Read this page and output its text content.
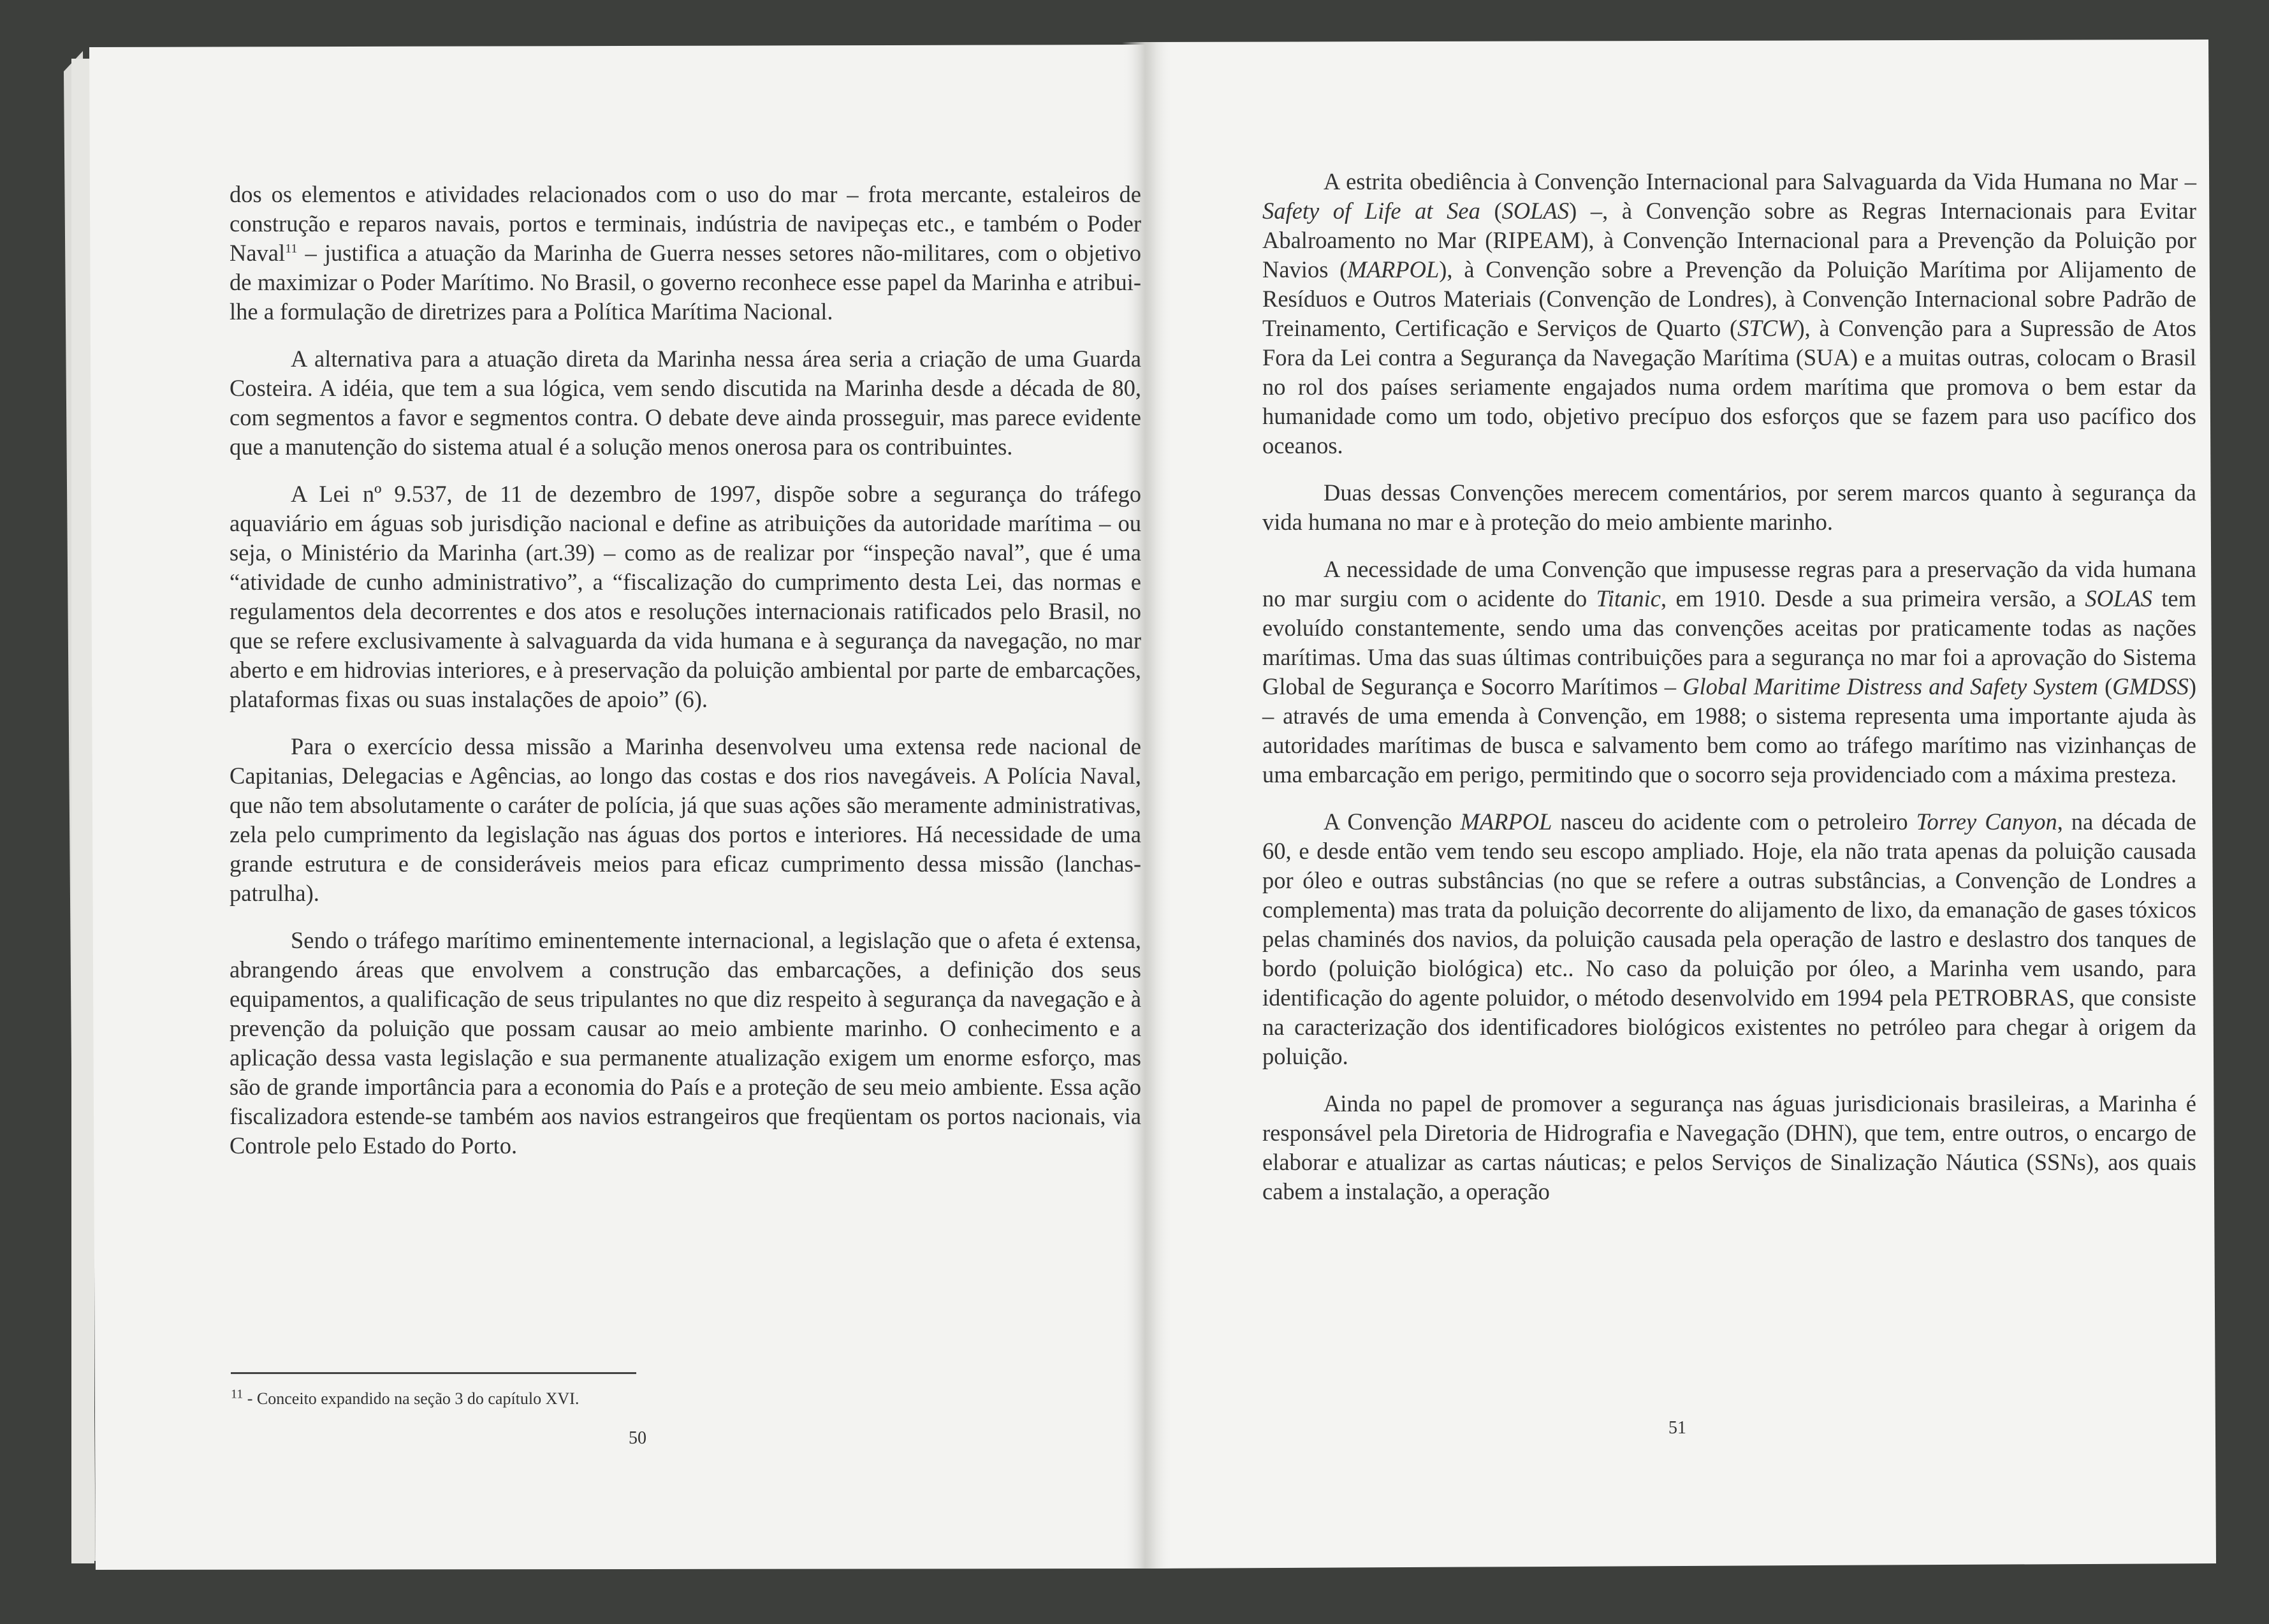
dos os elementos e atividades relacionados com o uso do mar – frota mercante, estaleiros de construção e reparos navais, portos e terminais, indústria de navipeças etc., e também o Poder Naval$^{11}$ – justifica a atuação da Marinha de Guerra nesses setores não-militares, com o objetivo de maximizar o Poder Marítimo. No Brasil, o governo reconhece esse papel da Marinha e atribui-lhe a formulação de diretrizes para a Política Marítima Nacional.

A alternativa para a atuação direta da Marinha nessa área seria a criação de uma Guarda Costeira. A idéia, que tem a sua lógica, vem sendo discutida na Marinha desde a década de 80, com segmentos a favor e segmentos contra. O debate deve ainda prosseguir, mas parece evidente que a manutenção do sistema atual é a solução menos onerosa para os contribuintes.

A Lei nº 9.537, de 11 de dezembro de 1997, dispõe sobre a segurança do tráfego aquaviário em águas sob jurisdição nacional e define as atribuições da autoridade marítima – ou seja, o Ministério da Marinha (art.39) – como as de realizar por “inspeção naval”, que é uma “atividade de cunho administrativo”, a “fiscalização do cumprimento desta Lei, das normas e regulamentos dela decorrentes e dos atos e resoluções internacionais ratificados pelo Brasil, no que se refere exclusivamente à salvaguarda da vida humana e à segurança da navegação, no mar aberto e em hidrovias interiores, e à preservação da poluição ambiental por parte de embarcações, plataformas fixas ou suas instalações de apoio” (6).

Para o exercício dessa missão a Marinha desenvolveu uma extensa rede nacional de Capitanias, Delegacias e Agências, ao longo das costas e dos rios navegáveis. A Polícia Naval, que não tem absolutamente o caráter de polícia, já que suas ações são meramente administrativas, zela pelo cumprimento da legislação nas águas dos portos e interiores. Há necessidade de uma grande estrutura e de consideráveis meios para eficaz cumprimento dessa missão (lanchas-patrulha).

Sendo o tráfego marítimo eminentemente internacional, a legislação que o afeta é extensa, abrangendo áreas que envolvem a construção das embarcações, a definição dos seus equipamentos, a qualificação de seus tripulantes no que diz respeito à segurança da navegação e à prevenção da poluição que possam causar ao meio ambiente marinho. O conhecimento e a aplicação dessa vasta legislação e sua permanente atualização exigem um enorme esforço, mas são de grande importância para a economia do País e a proteção de seu meio ambiente. Essa ação fiscalizadora estende-se também aos navios estrangeiros que freqüentam os portos nacionais, via Controle pelo Estado do Porto.

$^{11}$ - Conceito expandido na seção 3 do capítulo XVI.
50

A estrita obediência à Convenção Internacional para Salvaguarda da Vida Humana no Mar – Safety of Life at Sea (SOLAS) –, à Convenção sobre as Regras Internacionais para Evitar Abalroamento no Mar (RIPEAM), à Convenção Internacional para a Prevenção da Poluição por Navios (MARPOL), à Convenção sobre a Prevenção da Poluição Marítima por Alijamento de Resíduos e Outros Materiais (Convenção de Londres), à Convenção Internacional sobre Padrão de Treinamento, Certificação e Serviços de Quarto (STCW), à Convenção para a Supressão de Atos Fora da Lei contra a Segurança da Navegação Marítima (SUA) e a muitas outras, colocam o Brasil no rol dos países seriamente engajados numa ordem marítima que promova o bem estar da humanidade como um todo, objetivo precípuo dos esforços que se fazem para uso pacífico dos oceanos.

Duas dessas Convenções merecem comentários, por serem marcos quanto à segurança da vida humana no mar e à proteção do meio ambiente marinho.

A necessidade de uma Convenção que impusesse regras para a preservação da vida humana no mar surgiu com o acidente do Titanic, em 1910. Desde a sua primeira versão, a SOLAS tem evoluído constantemente, sendo uma das convenções aceitas por praticamente todas as nações marítimas. Uma das suas últimas contribuições para a segurança no mar foi a aprovação do Sistema Global de Segurança e Socorro Marítimos – Global Maritime Distress and Safety System (GMDSS) – através de uma emenda à Convenção, em 1988; o sistema representa uma importante ajuda às autoridades marítimas de busca e salvamento bem como ao tráfego marítimo nas vizinhanças de uma embarcação em perigo, permitindo que o socorro seja providenciado com a máxima presteza.

A Convenção MARPOL nasceu do acidente com o petroleiro Torrey Canyon, na década de 60, e desde então vem tendo seu escopo ampliado. Hoje, ela não trata apenas da poluição causada por óleo e outras substâncias (no que se refere a outras substâncias, a Convenção de Londres a complementa) mas trata da poluição decorrente do alijamento de lixo, da emanação de gases tóxicos pelas chaminés dos navios, da poluição causada pela operação de lastro e deslastro dos tanques de bordo (poluição biológica) etc.. No caso da poluição por óleo, a Marinha vem usando, para identificação do agente poluidor, o método desenvolvido em 1994 pela PETROBRAS, que consiste na caracterização dos identificadores biológicos existentes no petróleo para chegar à origem da poluição.

Ainda no papel de promover a segurança nas águas jurisdicionais brasileiras, a Marinha é responsável pela Diretoria de Hidrografia e Navegação (DHN), que tem, entre outros, o encargo de elaborar e atualizar as cartas náuticas; e pelos Serviços de Sinalização Náutica (SSNs), aos quais cabem a instalação, a operação

51
